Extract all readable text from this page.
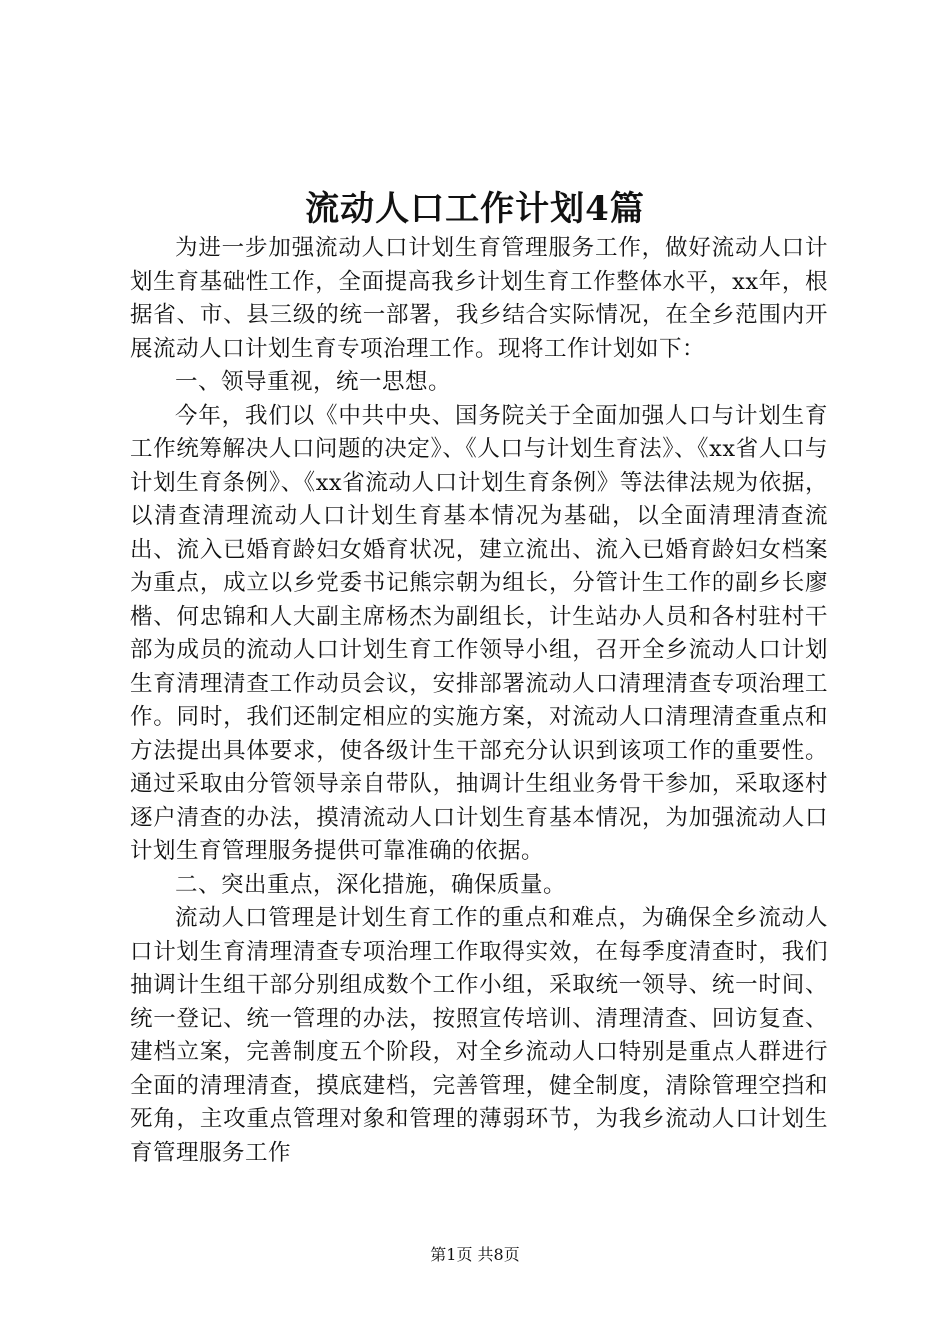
流动人口工作计划4篇

为进一步加强流动人口计划生育管理服务工作，做好流动人口计划生育基础性工作，全面提高我乡计划生育工作整体水平，xx年，根据省、市、县三级的统一部署，我乡结合实际情况，在全乡范围内开展流动人口计划生育专项治理工作。现将工作计划如下：

一、领导重视，统一思想。

今年，我们以《中共中央、国务院关于全面加强人口与计划生育工作统筹解决人口问题的决定》、《人口与计划生育法》、《xx省人口与计划生育条例》、《xx省流动人口计划生育条例》等法律法规为依据，以清查清理流动人口计划生育基本情况为基础，以全面清理清查流出、流入已婚育龄妇女婚育状况，建立流出、流入已婚育龄妇女档案为重点，成立以乡党委书记熊宗朝为组长，分管计生工作的副乡长廖楷、何忠锦和人大副主席杨杰为副组长，计生站办人员和各村驻村干部为成员的流动人口计划生育工作领导小组，召开全乡流动人口计划生育清理清查工作动员会议，安排部署流动人口清理清查专项治理工作。同时，我们还制定相应的实施方案，对流动人口清理清查重点和方法提出具体要求，使各级计生干部充分认识到该项工作的重要性。通过采取由分管领导亲自带队，抽调计生组业务骨干参加，采取逐村逐户清查的办法，摸清流动人口计划生育基本情况，为加强流动人口计划生育管理服务提供可靠准确的依据。

二、突出重点，深化措施，确保质量。

流动人口管理是计划生育工作的重点和难点，为确保全乡流动人口计划生育清理清查专项治理工作取得实效，在每季度清查时，我们抽调计生组干部分别组成数个工作小组，采取统一领导、统一时间、统一登记、统一管理的办法，按照宣传培训、清理清查、回访复查、建档立案，完善制度五个阶段，对全乡流动人口特别是重点人群进行全面的清理清查，摸底建档，完善管理，健全制度，清除管理空挡和死角，主攻重点管理对象和管理的薄弱环节，为我乡流动人口计划生育管理服务工作

第1页 共8页
